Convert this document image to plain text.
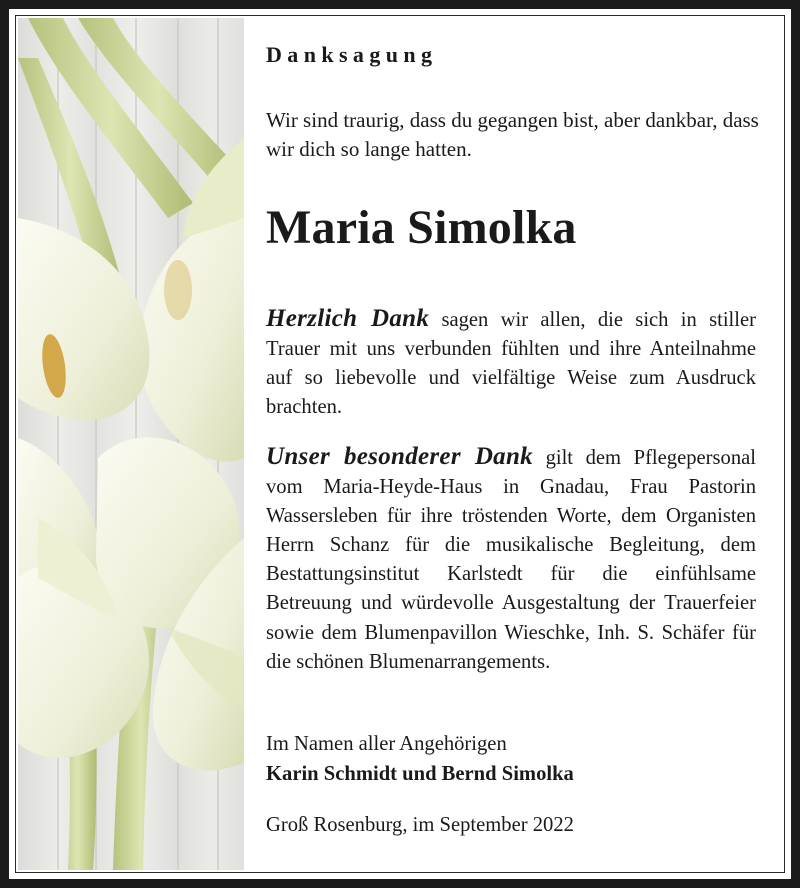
Danksagung
Wir sind traurig, dass du gegangen bist, aber dankbar, dass wir dich so lange hatten.
Maria Simolka
Herzlich Dank sagen wir allen, die sich in stiller Trauer mit uns verbunden fühlten und ihre Anteilnahme auf so liebevolle und vielfältige Weise zum Ausdruck brachten.
Unser besonderer Dank gilt dem Pflegepersonal vom Maria-Heyde-Haus in Gnadau, Frau Pastorin Wassersleben für ihre tröstenden Worte, dem Organisten Herrn Schanz für die musikalische Begleitung, dem Bestattungsinstitut Karlstedt für die einfühlsame Betreuung und würdevolle Ausgestaltung der Trauerfeier sowie dem Blumenpavillon Wieschke, Inh. S. Schäfer für die schönen Blumenarrangements.
Im Namen aller Angehörigen
Karin Schmidt und Bernd Simolka
Groß Rosenburg, im September 2022
